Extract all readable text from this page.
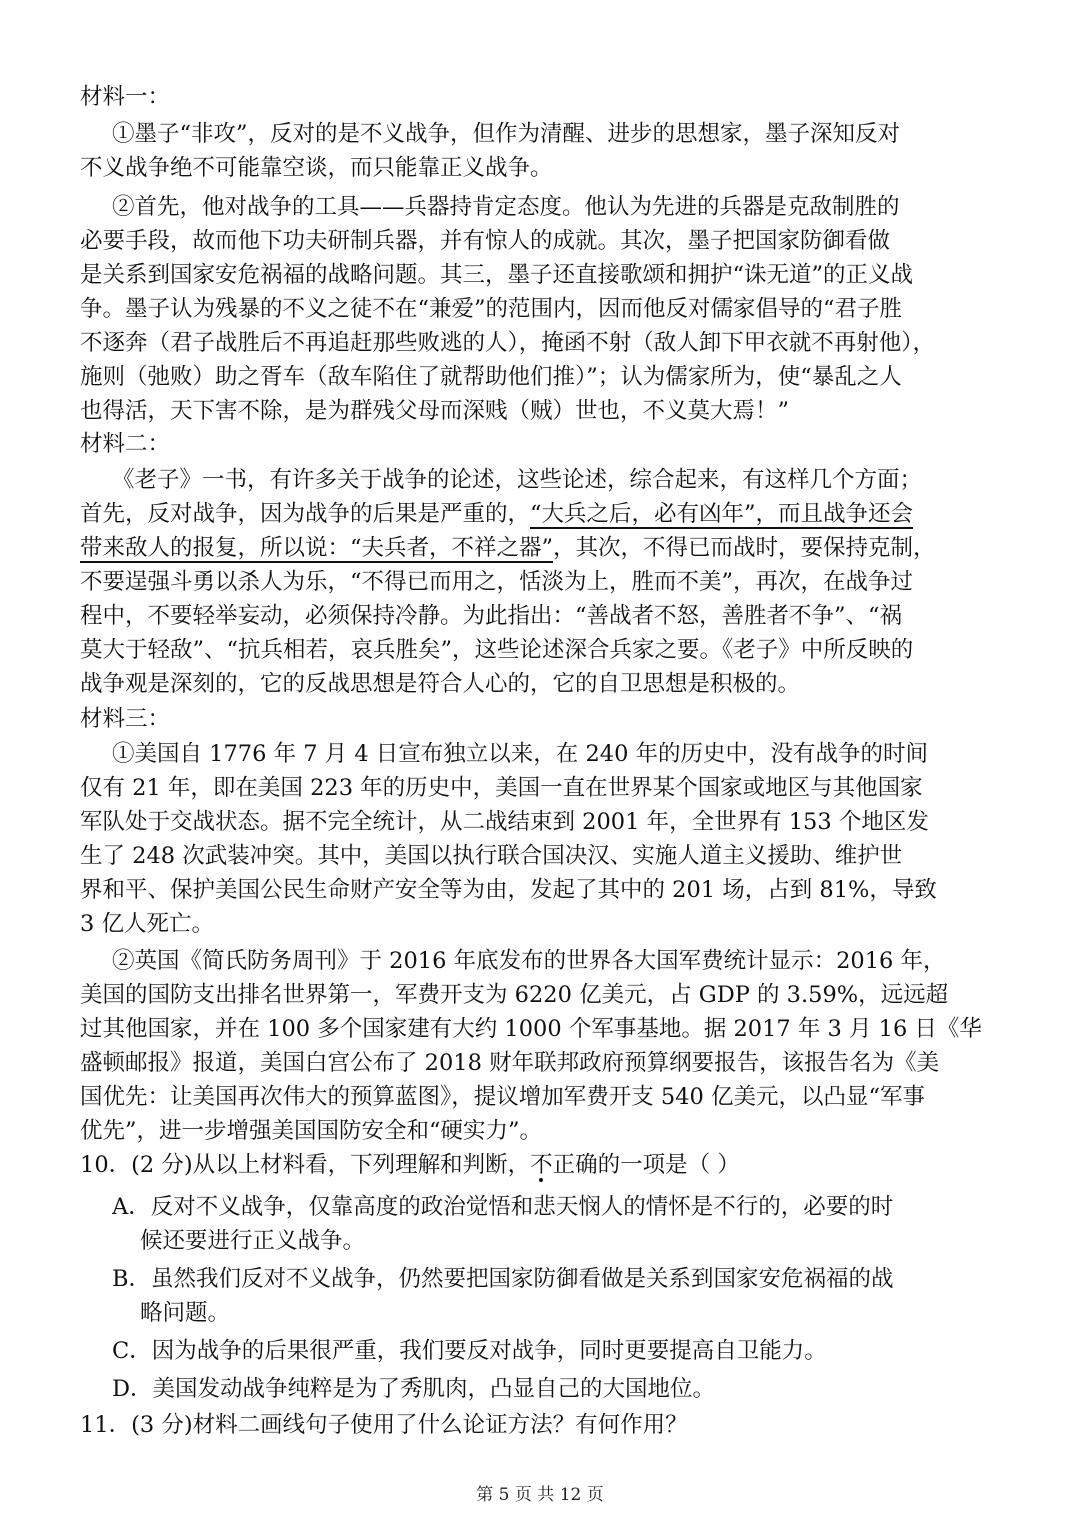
材料一：
①墨子“非攻”，反对的是不义战争，但作为清醒、进步的思想家，墨子深知反对
不义战争绝不可能靠空谈，而只能靠正义战争。
②首先，他对战争的工具——兵器持肯定态度。他认为先进的兵器是克敌制胜的
必要手段，故而他下功夫研制兵器，并有惊人的成就。其次，墨子把国家防御看做
是关系到国家安危祸福的战略问题。其三，墨子还直接歌颂和拥护“诛无道”的正义战
争。墨子认为残暴的不义之徒不在“兼爱”的范围内，因而他反对儒家倡导的“君子胜
不逐奔（君子战胜后不再追赶那些败逃的人），掩函不射（敌人卸下甲衣就不再射他），
施则（弛败）助之胥车（敌车陷住了就帮助他们推）”；认为儒家所为，使“暴乱之人
也得活，天下害不除，是为群残父母而深贱（贼）世也，不义莫大焉！”
材料二：
《老子》一书，有许多关于战争的论述，这些论述，综合起来，有这样几个方面；
首先，反对战争，因为战争的后果是严重的，“大兵之后，必有凶年”，而且战争还会
带来敌人的报复，所以说：“夫兵者，不祥之器”，其次，不得已而战时，要保持克制，
不要逞强斗勇以杀人为乐，“不得已而用之，恬淡为上，胜而不美”，再次，在战争过
程中，不要轻举妄动，必须保持冷静。为此指出：“善战者不怒，善胜者不争”、“祸
莫大于轻敌”、“抗兵相若，哀兵胜矣”，这些论述深合兵家之要。《老子》中所反映的
战争观是深刻的，它的反战思想是符合人心的，它的自卫思想是积极的。
材料三：
①美国自 1776 年 7 月 4 日宣布独立以来，在 240 年的历史中，没有战争的时间
仅有 21 年，即在美国 223 年的历史中，美国一直在世界某个国家或地区与其他国家
军队处于交战状态。据不完全统计，从二战结束到 2001 年，全世界有 153 个地区发
生了 248 次武装冲突。其中，美国以执行联合国决汉、实施人道主义援助、维护世
界和平、保护美国公民生命财产安全等为由，发起了其中的 201 场，占到 81%，导致
3 亿人死亡。
②英国《简氏防务周刊》于 2016 年底发布的世界各大国军费统计显示：2016 年，
美国的国防支出排名世界第一，军费开支为 6220 亿美元，占 GDP 的 3.59%，远远超
过其他国家，并在 100 多个国家建有大约 1000 个军事基地。据 2017 年 3 月 16 日《华
盛顿邮报》报道，美国白宫公布了 2018 财年联邦政府预算纲要报告，该报告名为《美
国优先：让美国再次伟大的预算蓝图》，提议增加军费开支 540 亿美元，以凸显“军事
优先”，进一步增强美国国防安全和“硬实力”。
10．(2 分)从以上材料看，下列理解和判断，不正确的一项是（ ）
A．反对不义战争，仅靠高度的政治觉悟和悲天悯人的情怀是不行的，必要的时
候还要进行正义战争。
B．虽然我们反对不义战争，仍然要把国家防御看做是关系到国家安危祸福的战
略问题。
C．因为战争的后果很严重，我们要反对战争，同时更要提高自卫能力。
D．美国发动战争纯粹是为了秀肌肉，凸显自己的大国地位。
11．(3 分)材料二画线句子使用了什么论证方法？有何作用？
第 5 页 共 12 页
